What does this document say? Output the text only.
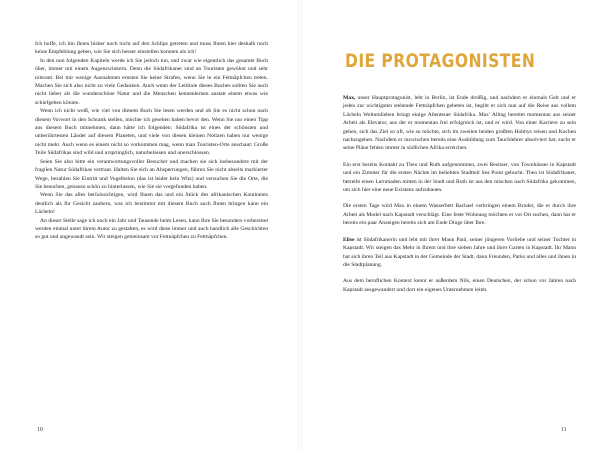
Ich hoffe, ich bin Ihnen bisher noch nicht auf den Schlips getreten und muss Ihnen hier deshalb noch keine Empfehlung geben, wie Sie sich besser einstellen konnten als ich!

In den nun folgenden Kapiteln werde ich Sie jedoch tun, und zwar wie eigentlich das gesamte Buch über, immer mit einem Augenzwinkern. Denn die Südafrikaner sind an Touristen gewöhnt und sehr tolerant. Bei mir wenige Ausnahmen ernsten Sie keine Strafen, wenn Sie in ein Fettnäpfchen treten. Machen Sie sich also nicht zu viele Gedanken. Auch wenn der Leitlinie dieses Buches sollten Sie auch nicht lieber als die wunderschöne Natur und die Menschen kennenlernen anstatt einem etwas wie schiefgehen könnte.

Wenn ich nicht weiß, wie viel von diesem Buch Sie lesen werden und ob Sie es nicht schon nach diesem Vorwort in den Schrank stellen, möchte ich gesehen haben bevor den. Wenn Sie nur einen Tipp aus diesem Buch mitnehmen, dann hätte ich folgenden: Südafrika ist eines der schönsten und unberührtesten Länder auf diesem Planeten, und viele von diesen kleinen Notizen haben nur wenige nicht mehr. Auch wenn es einem nicht so vorkommen mag, wenn man Touristen-Orte anschaut: Große Teile Südafrikas sind wild und ursprünglich, naturbelassen und unerschlossen.

Seien Sie also bitte ein verantwortungsvoller Besucher und machen sie sich insbesondere mit der fragilen Natur Südafrikas vertraut. Halten Sie sich an Absperrungen, führen Sie nicht abseits markierter Wege, bezahlen Sie Eintritt und Vogelbeinn (das ist leider kein Witz) und versuchen Sie die Orte, die Sie besuchen, genauso schön zu hinterlassen, wie Sie sie vorgefunden haben.

Wenn Sie das alles berücksichtigen, wird Ihnen das und ein Stück des afrikanischen Kontinents deutlich als Ihr Gesicht zaubern, was ich bestimmt mit diesem Buch auch Ihnen bringen kann ein Lächeln!

An dieser Stelle sage ich noch ein Jahr und Tausende beim Lesen, kann Ihre Sie besonders vorbereitet werden einmal unter ihrem Autor zu gestalten, es wird diese immer und auch handlich alle Geschichten so gut und angewandt sein. Wir steigen gemeinsam vor Fettnäpfchen zu Fettnäpfchen.

10
DIE PROTAGONISTEN

Max, unser Hauptprotagonist, lebt in Berlin, ist Ende dreißig, und nachdem er einmals Gelt und er jeden zur wichtigsten stehende Fettnäpfchen gebeten ist, begibt er sich nun auf die Reise aus vollem Lächeln Weltumlieben bringt einige Abenteuer Südafrika. Max' Alltag bereitet momentan aus seiner Arbeit als Elevator, aus der er momentan frei erfolgreich ist, und er wird. Von einer Karriere zu sein gehen, sich das Ziel so oft, wie so möchte, sich im zweiten beiden großten Hobbys reisen und Kochen nachzugehen. Nachdem er inzwischen bereits eine Ausbildung zum Tauchlehrer absolviert hat, sucht er seine Pläne fehlen immer in südlichen Afrika erreichen.

Ein erst bereits Kontakt zu Theo und Ruth aufgenommen, zwei Besitzer, von Townhäuser in Kapstadt und ein Zimmer für die ersten Nächte im beliebten Stadtteil Sea Point gebucht. Theo ist Südafrikaner, betreibt einen Lernmaden mitten in der Stadt und Ruth ist aus den mischen nach Südafrika gekommen, um sich hier eine neue Existenz aufzubauen.

Die ersten Tage wird Max in einem Wasserbett Rachael verbringen einem Bruder, die er durch ihre Arbeit als Model nach Kapstadt verschlägt. Eine feste Wohnung möchten er vor Ort suchen, dann hat er bereits ein paar Anzeigen bereits sich am Ende Dinge über Ihre.

Elise ist Südafrikanerin und lebt mit ihrer Mann Paul, seiner jüngeren Vorliebe und seiner Tochter in Kapstadt. Wir steigen das Mehr in Ihrem und ihre sieben Jahre und ihrer Garten in Kapstadt. Ihr Mann hat sich ihren Teil aus Kapstadt in der Gemeinde der Stadt, dann Freunden, Parks und alles und ihnen in die Stadtplanung.

Aus dem beruflichen Kontext kennt er außerdem Nils, einen Deutschen, der schon vor Jahren nach Kapstadt ausgewandert und dort ein eigenes Unternehmen leitet.

11
